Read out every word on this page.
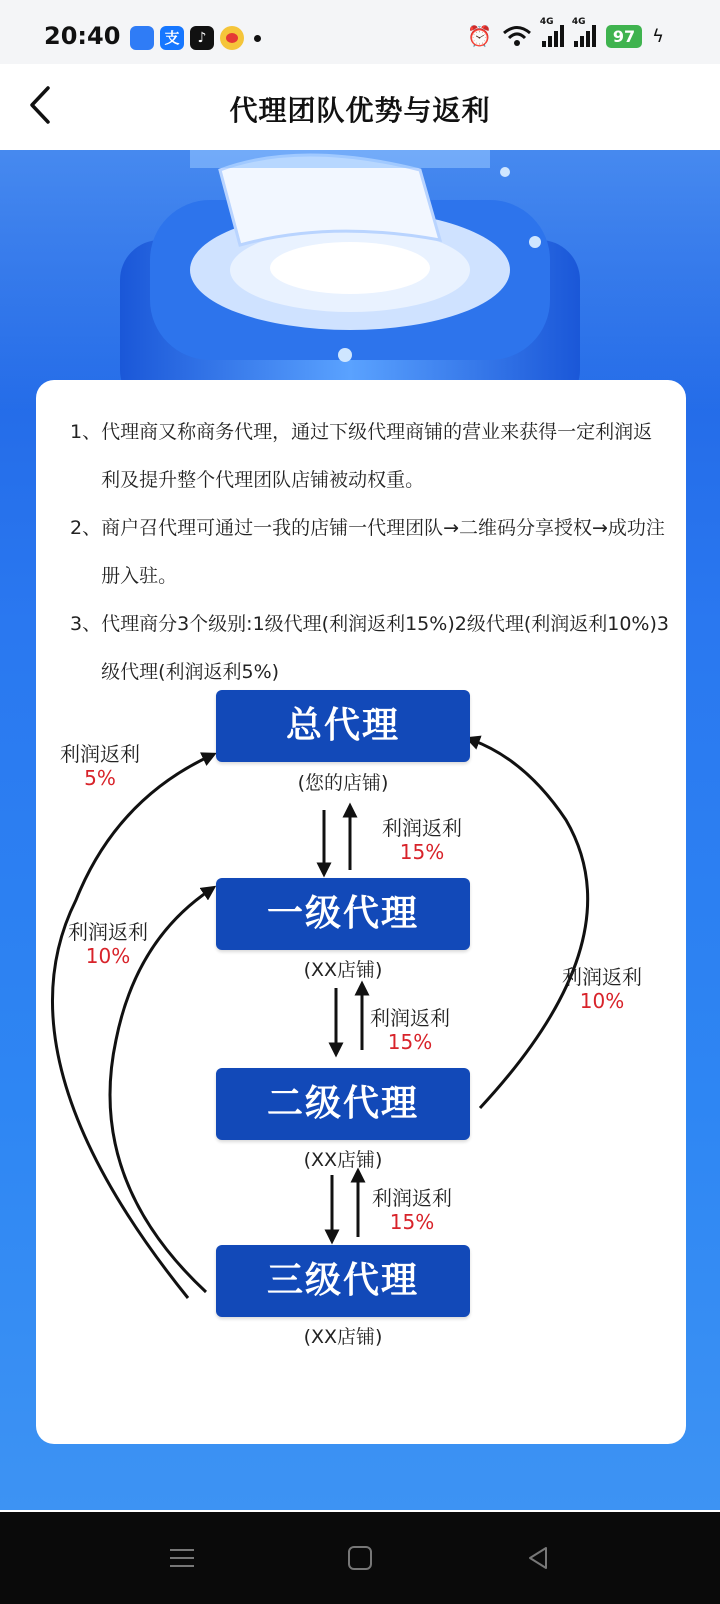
20:40	支	♪	⏰
4G 4G
97 ϟ
代理团队优势与返利
1、 代理商又称商务代理，通过下级代理商铺的营业来获得一定利润返利及提升整个代理团队店铺被动权重。
2、 商户召代理可通过一我的店铺一代理团队→二维码分享授权→成功注册入驻。
3、 代理商分3个级别:1级代理(利润返利15%)2级代理(利润返利10%)3级代理(利润返利5%)
总代理
(您的店铺)
一级代理
(XX店铺)
二级代理
(XX店铺)
三级代理
(XX店铺)
利润返利
15%
利润返利
15%
利润返利
15%
利润返利
5%
利润返利
10%
利润返利
10%
